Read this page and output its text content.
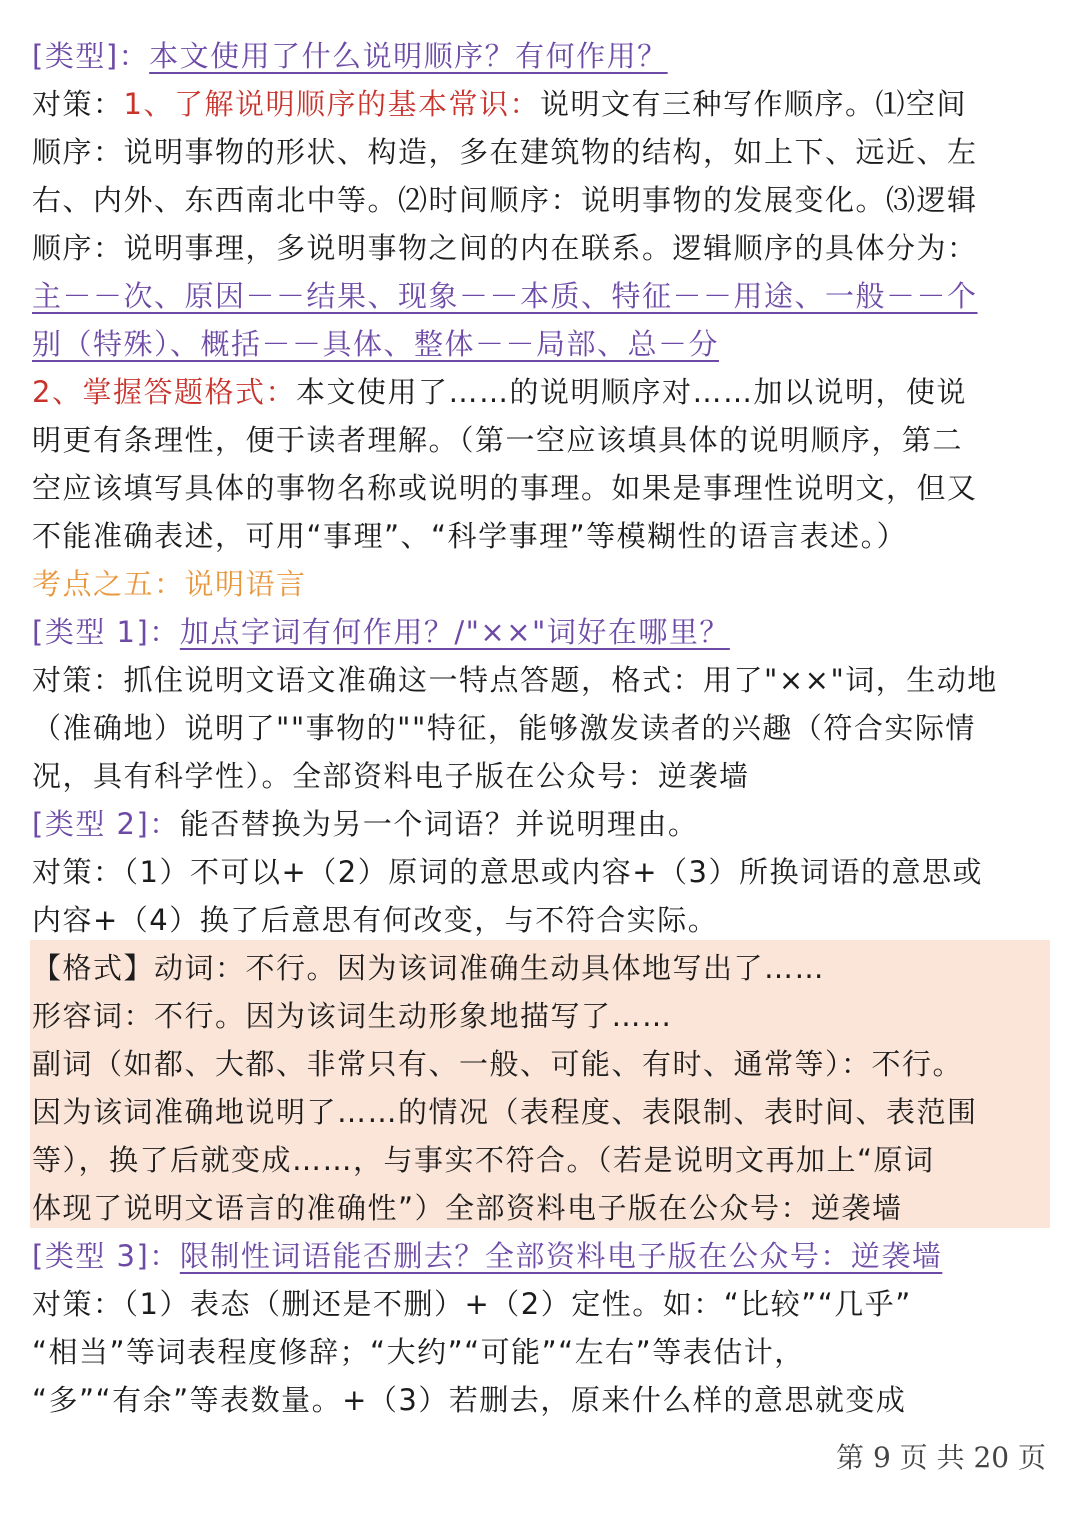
[类型]：本文使用了什么说明顺序？有何作用？
对策：1、了解说明顺序的基本常识：说明文有三种写作顺序。⑴空间
顺序：说明事物的形状、构造，多在建筑物的结构，如上下、远近、左
右、内外、东西南北中等。⑵时间顺序：说明事物的发展变化。⑶逻辑
顺序：说明事理，多说明事物之间的内在联系。逻辑顺序的具体分为：
主－－次、原因－－结果、现象－－本质、特征－－用途、一般－－个
别（特殊）、概括－－具体、整体－－局部、总－分
2、掌握答题格式：本文使用了……的说明顺序对……加以说明，使说
明更有条理性，便于读者理解。（第一空应该填具体的说明顺序，第二
空应该填写具体的事物名称或说明的事理。如果是事理性说明文，但又
不能准确表述，可用“事理”、“科学事理”等模糊性的语言表述。）
考点之五：说明语言
[类型 1]：加点字词有何作用？/"××"词好在哪里？
对策：抓住说明文语文准确这一特点答题，格式：用了"××"词，生动地
（准确地）说明了""事物的""特征，能够激发读者的兴趣（符合实际情
况，具有科学性）。全部资料电子版在公众号：逆袭墙
[类型 2]：能否替换为另一个词语？并说明理由。
对策：（1）不可以+（2）原词的意思或内容+（3）所换词语的意思或
内容+（4）换了后意思有何改变，与不符合实际。
【格式】动词：不行。因为该词准确生动具体地写出了……
形容词：不行。因为该词生动形象地描写了……
副词（如都、大都、非常只有、一般、可能、有时、通常等）：不行。
因为该词准确地说明了……的情况（表程度、表限制、表时间、表范围
等），换了后就变成……，与事实不符合。（若是说明文再加上“原词
体现了说明文语言的准确性”）全部资料电子版在公众号：逆袭墙
[类型 3]：限制性词语能否删去？全部资料电子版在公众号：逆袭墙
对策：（1）表态（删还是不删）+（2）定性。如：“比较”“几乎”
“相当”等词表程度修辞；“大约”“可能”“左右”等表估计，
“多”“有余”等表数量。+（3）若删去，原来什么样的意思就变成
第 9 页 共 20 页
